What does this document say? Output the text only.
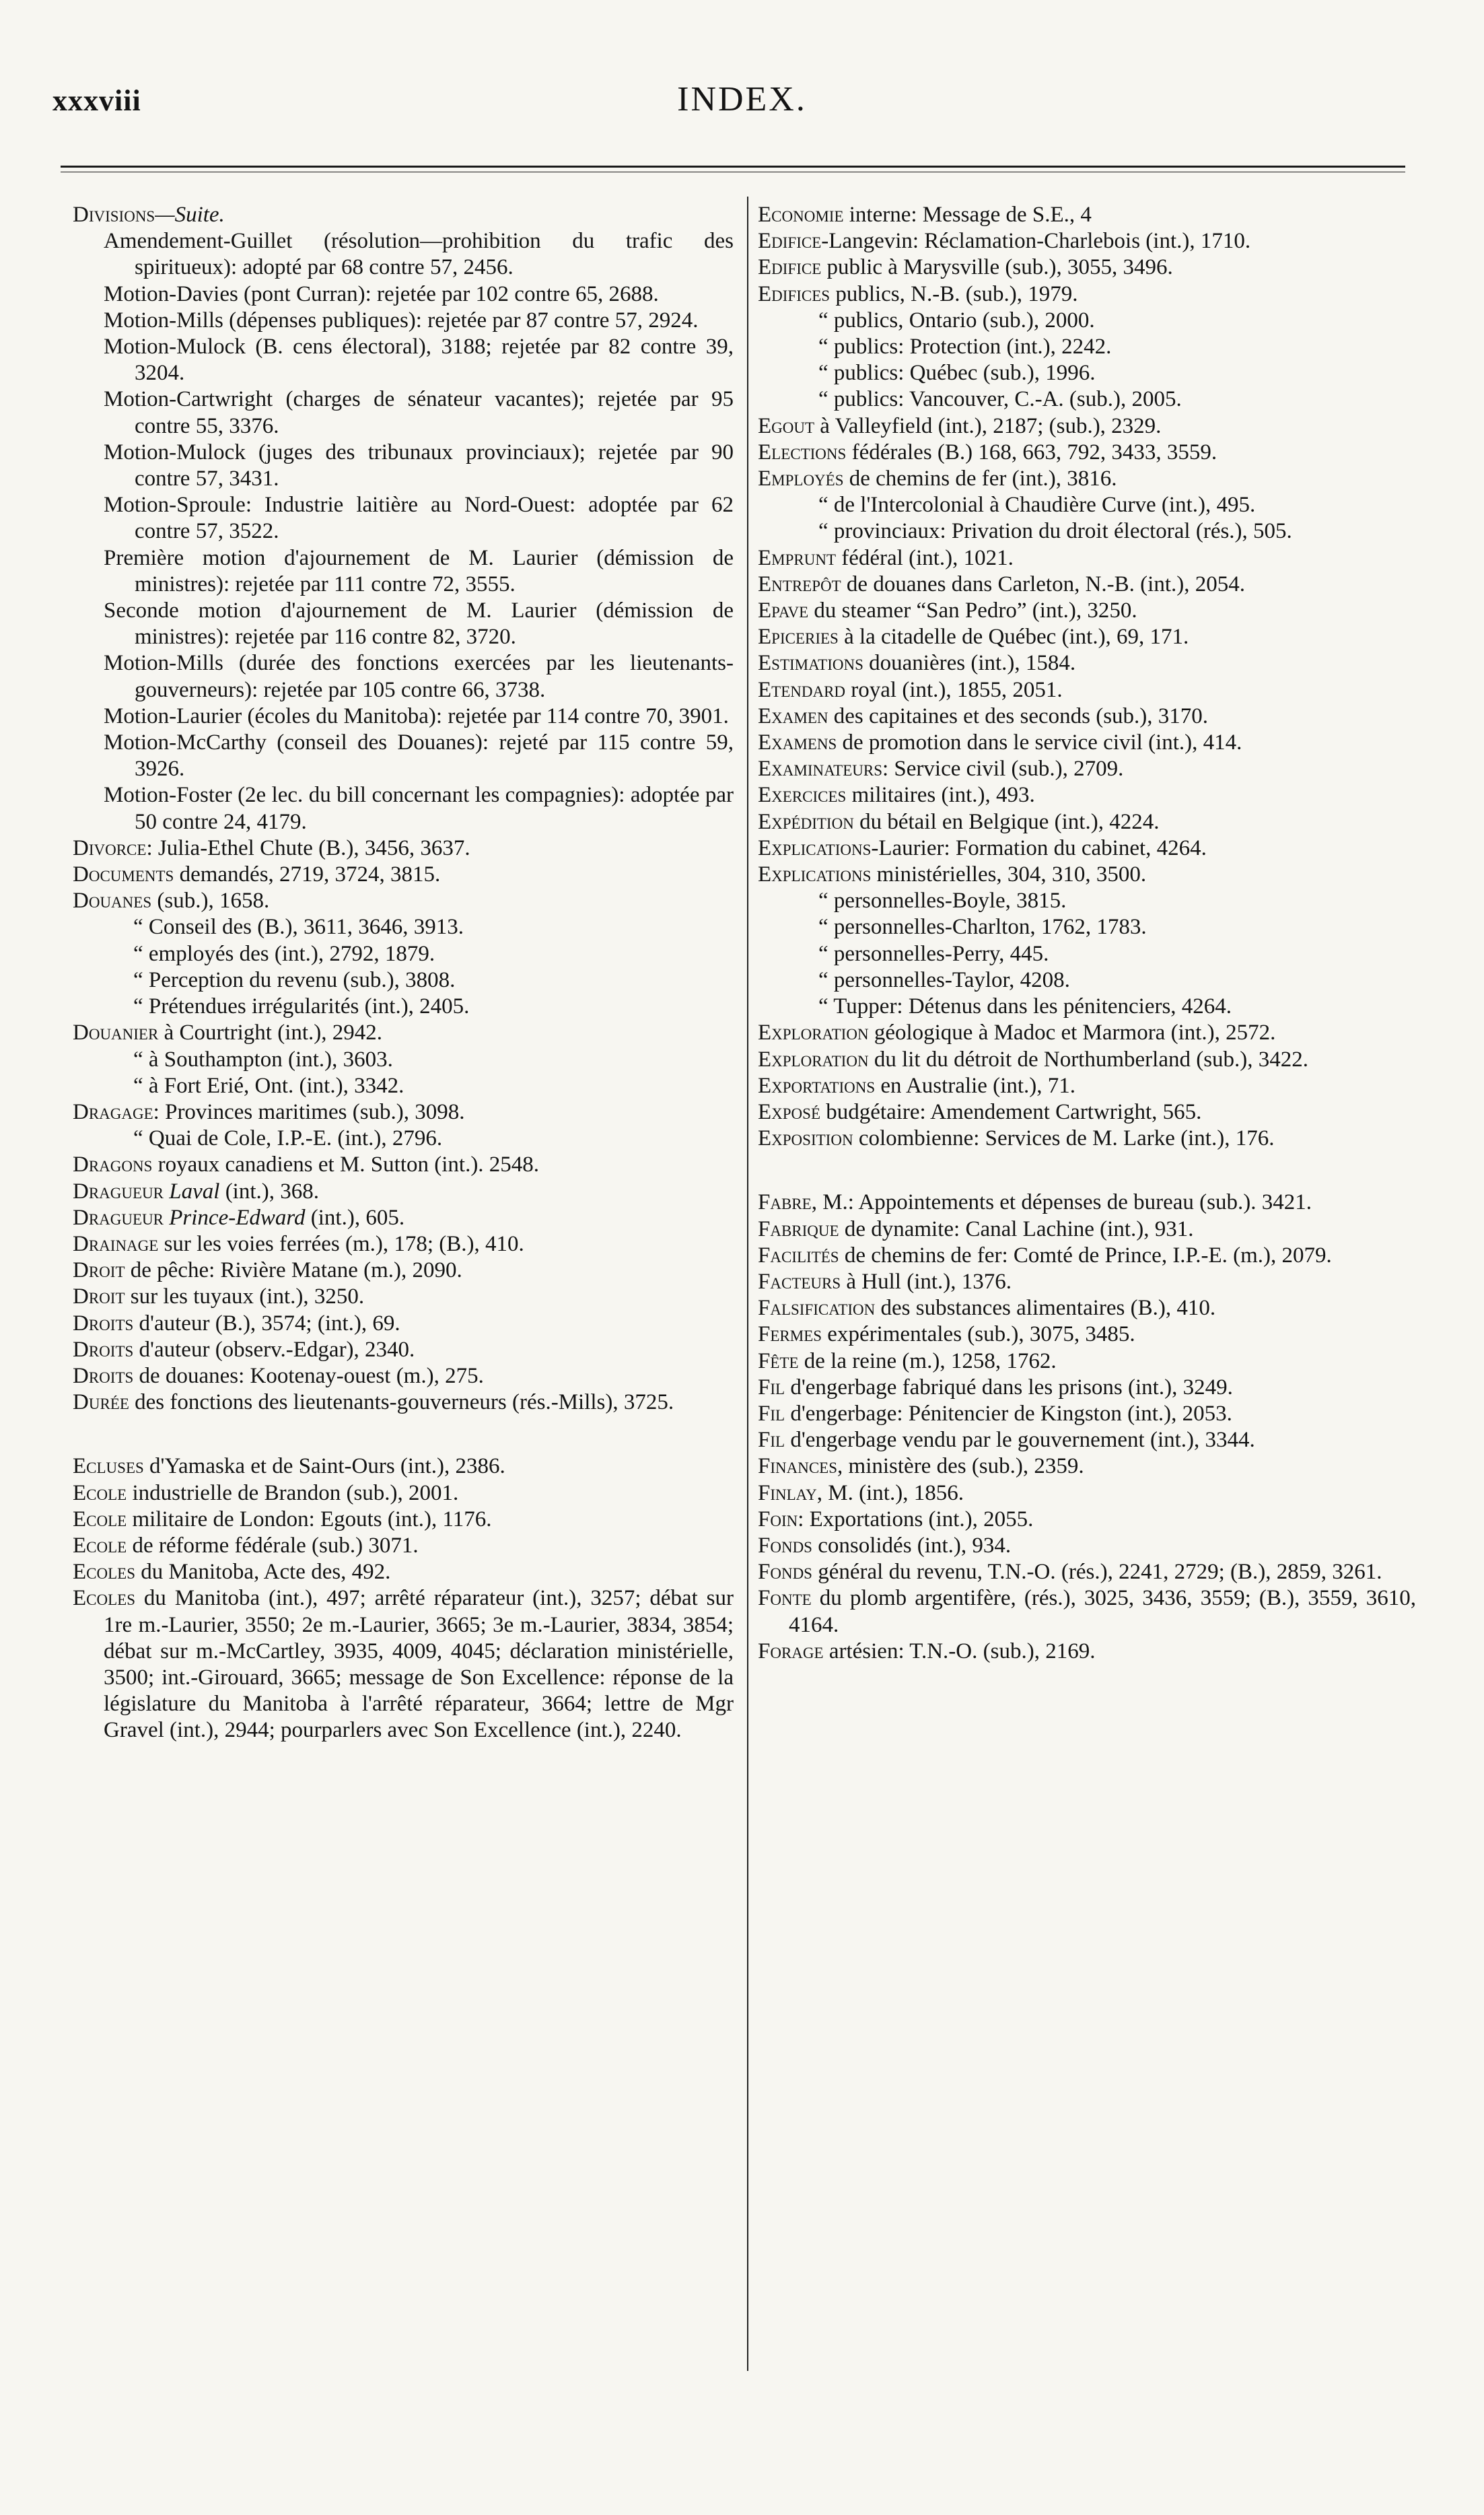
xxxviii	INDEX.

Divisions—Suite.

Amendement-Guillet (résolution—prohibition du trafic des spiritueux): adopté par 68 contre 57, 2456.

Motion-Davies (pont Curran): rejetée par 102 contre 65, 2688.

Motion-Mills (dépenses publiques): rejetée par 87 contre 57, 2924.

Motion-Mulock (B. cens électoral), 3188; rejetée par 82 contre 39, 3204.

Motion-Cartwright (charges de sénateur vacantes); rejetée par 95 contre 55, 3376.

Motion-Mulock (juges des tribunaux provinciaux); rejetée par 90 contre 57, 3431.

Motion-Sproule: Industrie laitière au Nord-Ouest: adoptée par 62 contre 57, 3522.

Première motion d'ajournement de M. Laurier (démission de ministres): rejetée par 111 contre 72, 3555.

Seconde motion d'ajournement de M. Laurier (démission de ministres): rejetée par 116 contre 82, 3720.

Motion-Mills (durée des fonctions exercées par les lieutenants-gouverneurs): rejetée par 105 contre 66, 3738.

Motion-Laurier (écoles du Manitoba): rejetée par 114 contre 70, 3901.

Motion-McCarthy (conseil des Douanes): rejeté par 115 contre 59, 3926.

Motion-Foster (2e lec. du bill concernant les compagnies): adoptée par 50 contre 24, 4179.

Divorce: Julia-Ethel Chute (B.), 3456, 3637.

Documents demandés, 2719, 3724, 3815.

Douanes (sub.), 1658.

“ Conseil des (B.), 3611, 3646, 3913.

“ employés des (int.), 2792, 1879.

“ Perception du revenu (sub.), 3808.

“ Prétendues irrégularités (int.), 2405.

Douanier à Courtright (int.), 2942.

“ à Southampton (int.), 3603.

“ à Fort Erié, Ont. (int.), 3342.

Dragage: Provinces maritimes (sub.), 3098.

“ Quai de Cole, I.P.-E. (int.), 2796.

Dragons royaux canadiens et M. Sutton (int.). 2548.

Dragueur Laval (int.), 368.

Dragueur Prince-Edward (int.), 605.

Drainage sur les voies ferrées (m.), 178; (B.), 410.

Droit de pêche: Rivière Matane (m.), 2090.

Droit sur les tuyaux (int.), 3250.

Droits d'auteur (B.), 3574; (int.), 69.

Droits d'auteur (observ.-Edgar), 2340.

Droits de douanes: Kootenay-ouest (m.), 275.

Durée des fonctions des lieutenants-gouverneurs (rés.-Mills), 3725.

Ecluses d'Yamaska et de Saint-Ours (int.), 2386.

Ecole industrielle de Brandon (sub.), 2001.

Ecole militaire de London: Egouts (int.), 1176.

Ecole de réforme fédérale (sub.) 3071.

Ecoles du Manitoba, Acte des, 492.

Ecoles du Manitoba (int.), 497; arrêté réparateur (int.), 3257; débat sur 1re m.-Laurier, 3550; 2e m.-Laurier, 3665; 3e m.-Laurier, 3834, 3854; débat sur m.-McCartley, 3935, 4009, 4045; déclaration ministérielle, 3500; int.-Girouard, 3665; message de Son Excellence: réponse de la législature du Manitoba à l'arrêté réparateur, 3664; lettre de Mgr Gravel (int.), 2944; pourparlers avec Son Excellence (int.), 2240.

Economie interne: Message de S.E., 4

Edifice-Langevin: Réclamation-Charlebois (int.), 1710.

Edifice public à Marysville (sub.), 3055, 3496.

Edifices publics, N.-B. (sub.), 1979.

“ publics, Ontario (sub.), 2000.

“ publics: Protection (int.), 2242.

“ publics: Québec (sub.), 1996.

“ publics: Vancouver, C.-A. (sub.), 2005.

Egout à Valleyfield (int.), 2187; (sub.), 2329.

Elections fédérales (B.) 168, 663, 792, 3433, 3559.

Employés de chemins de fer (int.), 3816.

“ de l'Intercolonial à Chaudière Curve (int.), 495.

“ provinciaux: Privation du droit électoral (rés.), 505.

Emprunt fédéral (int.), 1021.

Entrepôt de douanes dans Carleton, N.-B. (int.), 2054.

Epave du steamer “San Pedro” (int.), 3250.

Epiceries à la citadelle de Québec (int.), 69, 171.

Estimations douanières (int.), 1584.

Etendard royal (int.), 1855, 2051.

Examen des capitaines et des seconds (sub.), 3170.

Examens de promotion dans le service civil (int.), 414.

Examinateurs: Service civil (sub.), 2709.

Exercices militaires (int.), 493.

Expédition du bétail en Belgique (int.), 4224.

Explications-Laurier: Formation du cabinet, 4264.

Explications ministérielles, 304, 310, 3500.

“ personnelles-Boyle, 3815.

“ personnelles-Charlton, 1762, 1783.

“ personnelles-Perry, 445.

“ personnelles-Taylor, 4208.

“ Tupper: Détenus dans les pénitenciers, 4264.

Exploration géologique à Madoc et Marmora (int.), 2572.

Exploration du lit du détroit de Northumberland (sub.), 3422.

Exportations en Australie (int.), 71.

Exposé budgétaire: Amendement Cartwright, 565.

Exposition colombienne: Services de M. Larke (int.), 176.

Fabre, M.: Appointements et dépenses de bureau (sub.). 3421.

Fabrique de dynamite: Canal Lachine (int.), 931.

Facilités de chemins de fer: Comté de Prince, I.P.-E. (m.), 2079.

Facteurs à Hull (int.), 1376.

Falsification des substances alimentaires (B.), 410.

Fermes expérimentales (sub.), 3075, 3485.

Fête de la reine (m.), 1258, 1762.

Fil d'engerbage fabriqué dans les prisons (int.), 3249.

Fil d'engerbage: Pénitencier de Kingston (int.), 2053.

Fil d'engerbage vendu par le gouvernement (int.), 3344.

Finances, ministère des (sub.), 2359.

Finlay, M. (int.), 1856.

Foin: Exportations (int.), 2055.

Fonds consolidés (int.), 934.

Fonds général du revenu, T.N.-O. (rés.), 2241, 2729; (B.), 2859, 3261.

Fonte du plomb argentifère, (rés.), 3025, 3436, 3559; (B.), 3559, 3610, 4164.

Forage artésien: T.N.-O. (sub.), 2169.
